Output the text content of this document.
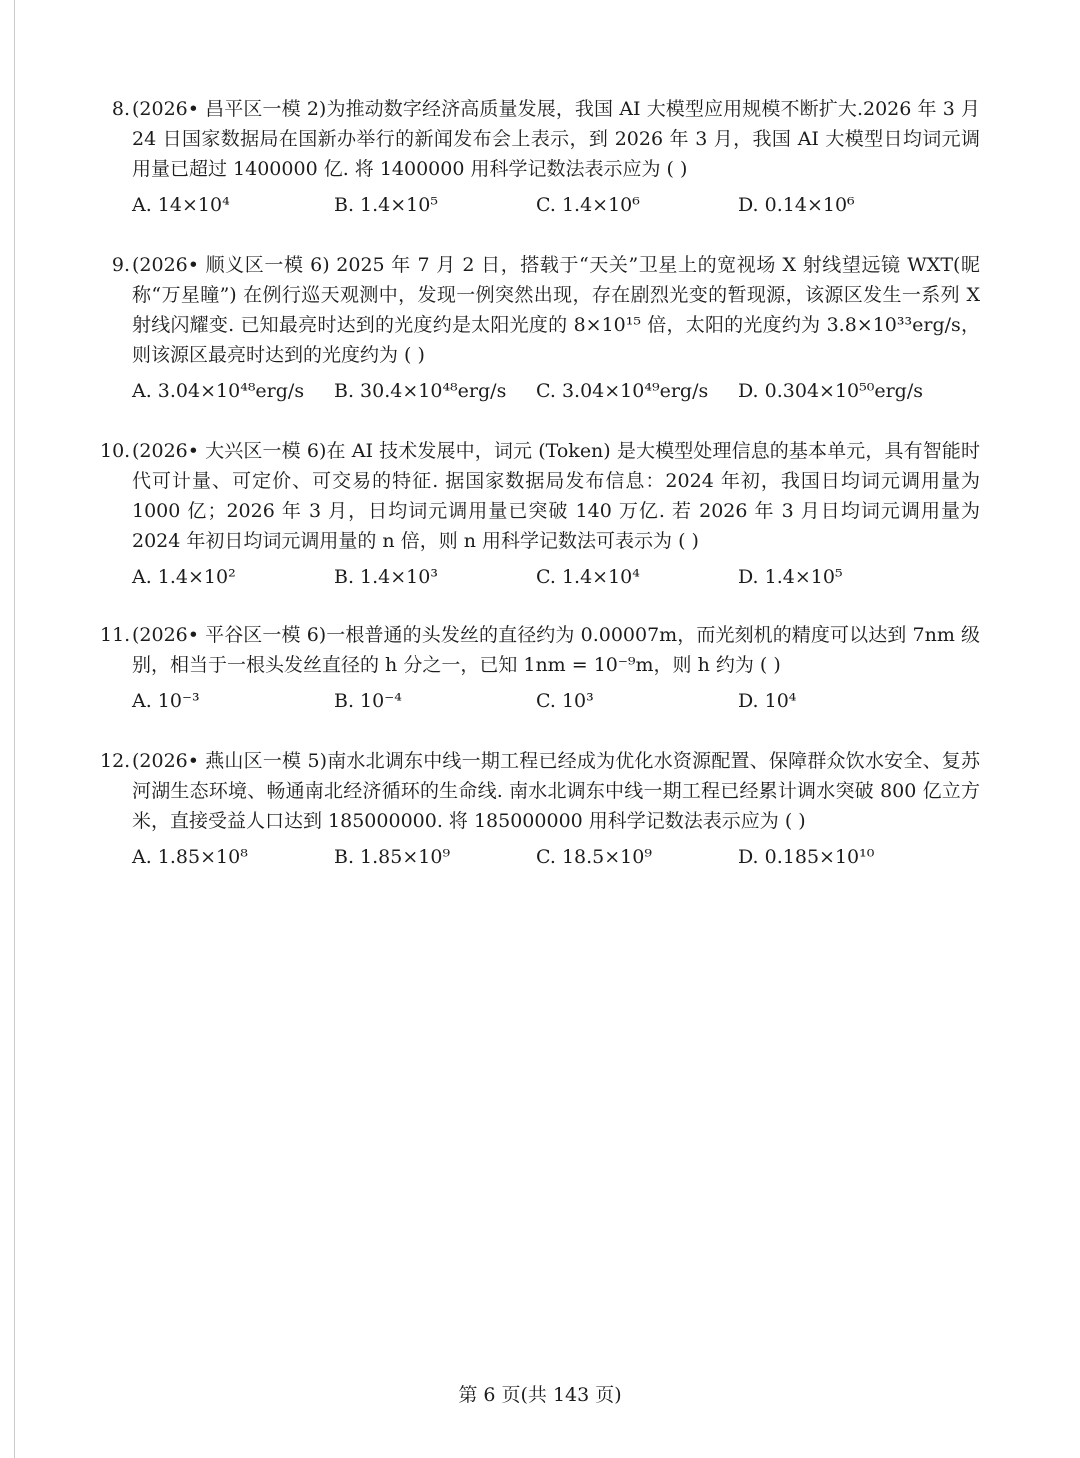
8. (2026• 昌平区一模 2)为推动数字经济高质量发展，我国 AI 大模型应用规模不断扩大.2026 年 3 月 24 日国家数据局在国新办举行的新闻发布会上表示，到 2026 年 3 月，我国 AI 大模型日均词元调用量已超过 1400000 亿. 将 1400000 用科学记数法表示应为 ( )
A. 14×10⁴	B. 1.4×10⁵	C. 1.4×10⁶	D. 0.14×10⁶
9. (2026• 顺义区一模 6) 2025 年 7 月 2 日，搭载于“天关”卫星上的宽视场 X 射线望远镜 WXT(昵称“万星瞳”) 在例行巡天观测中，发现一例突然出现，存在剧烈光变的暂现源，该源区发生一系列 X 射线闪耀变. 已知最亮时达到的光度约是太阳光度的 8×10¹⁵ 倍，太阳的光度约为 3.8×10³³erg/s，则该源区最亮时达到的光度约为 ( )
A. 3.04×10⁴⁸erg/s B. 30.4×10⁴⁸erg/s C. 3.04×10⁴⁹erg/s D. 0.304×10⁵⁰erg/s
10. (2026• 大兴区一模 6)在 AI 技术发展中，词元 (Token) 是大模型处理信息的基本单元，具有智能时代可计量、可定价、可交易的特征. 据国家数据局发布信息：2024 年初，我国日均词元调用量为 1000 亿；2026 年 3 月，日均词元调用量已突破 140 万亿. 若 2026 年 3 月日均词元调用量为 2024 年初日均词元调用量的 n 倍，则 n 用科学记数法可表示为 ( )
A. 1.4×10²	B. 1.4×10³	C. 1.4×10⁴	D. 1.4×10⁵
11. (2026• 平谷区一模 6)一根普通的头发丝的直径约为 0.00007m，而光刻机的精度可以达到 7nm 级别，相当于一根头发丝直径的 h 分之一，已知 1nm = 10⁻⁹m，则 h 约为 ( )
A. 10⁻³	B. 10⁻⁴	C. 10³	D. 10⁴
12. (2026• 燕山区一模 5)南水北调东中线一期工程已经成为优化水资源配置、保障群众饮水安全、复苏河湖生态环境、畅通南北经济循环的生命线. 南水北调东中线一期工程已经累计调水突破 800 亿立方米，直接受益人口达到 185000000. 将 185000000 用科学记数法表示应为 ( )
A. 1.85×10⁸	B. 1.85×10⁹	C. 18.5×10⁹	D. 0.185×10¹⁰
第 6 页(共 143 页)
